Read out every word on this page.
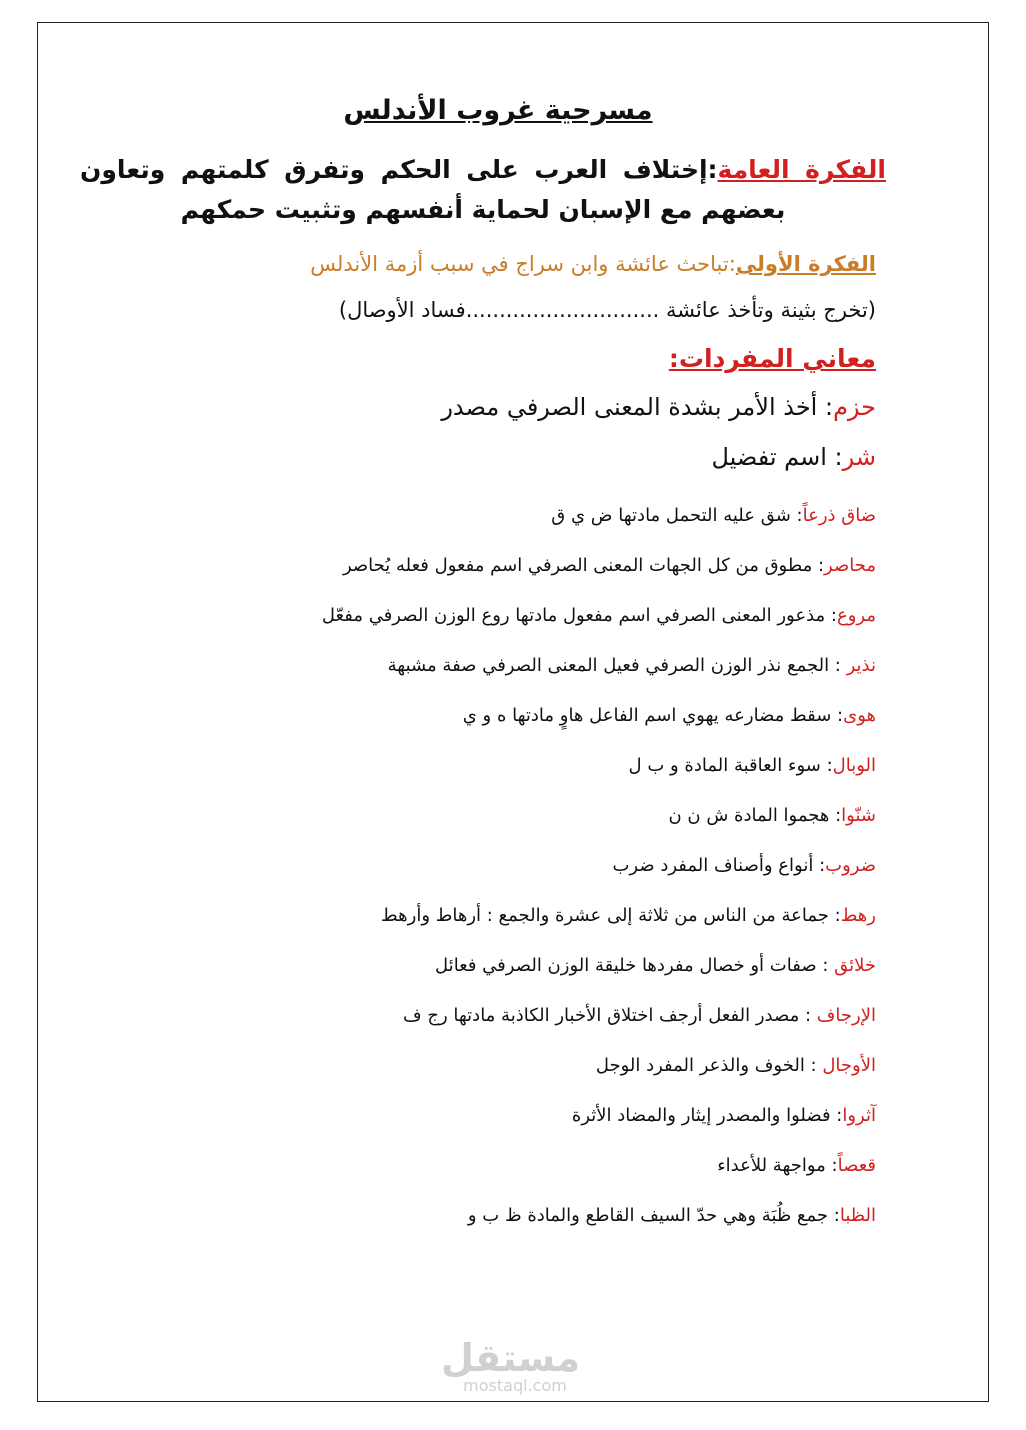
مسرحية غروب الأندلس
الفكرة العامة:إختلاف العرب على الحكم وتفرق كلمتهم وتعاون بعضهم مع الإسبان لحماية أنفسهم وتثبيت حمكهم
الفكرة الأولى:تباحث عائشة وابن سراج في سبب أزمة الأندلس
(تخرج بثينة وتأخذ عائشة .............................فساد الأوصال)
معاني المفردات:
حزم: أخذ الأمر بشدة المعنى الصرفي مصدر
شر: اسم تفضيل
ضاق ذرعاً: شق عليه التحمل مادتها ض ي ق
محاصر: مطوق من كل الجهات المعنى الصرفي اسم مفعول فعله يُحاصر
مروع: مذعور المعنى الصرفي اسم مفعول مادتها روع الوزن الصرفي مفعّل
نذير : الجمع نذر الوزن الصرفي فعيل المعنى الصرفي صفة مشبهة
هوى: سقط مضارعه يهوي اسم الفاعل هاوٍ مادتها ه و ي
الوبال: سوء العاقبة المادة و ب ل
شنّوا: هجموا المادة ش ن ن
ضروب: أنواع وأصناف المفرد ضرب
رهط: جماعة من الناس من ثلاثة إلى عشرة والجمع : أرهاط وأرهط
خلائق : صفات أو خصال مفردها خليقة الوزن الصرفي فعائل
الإرجاف : مصدر الفعل أرجف اختلاق الأخبار الكاذبة مادتها رج ف
الأوجال : الخوف والذعر المفرد الوجل
آثروا: فضلوا والمصدر إيثار والمضاد الأثرة
قعصاً: مواجهة للأعداء
الظبا: جمع ظُبَة وهي حدّ السيف القاطع والمادة ظ ب و
مستقل
mostaql.com
